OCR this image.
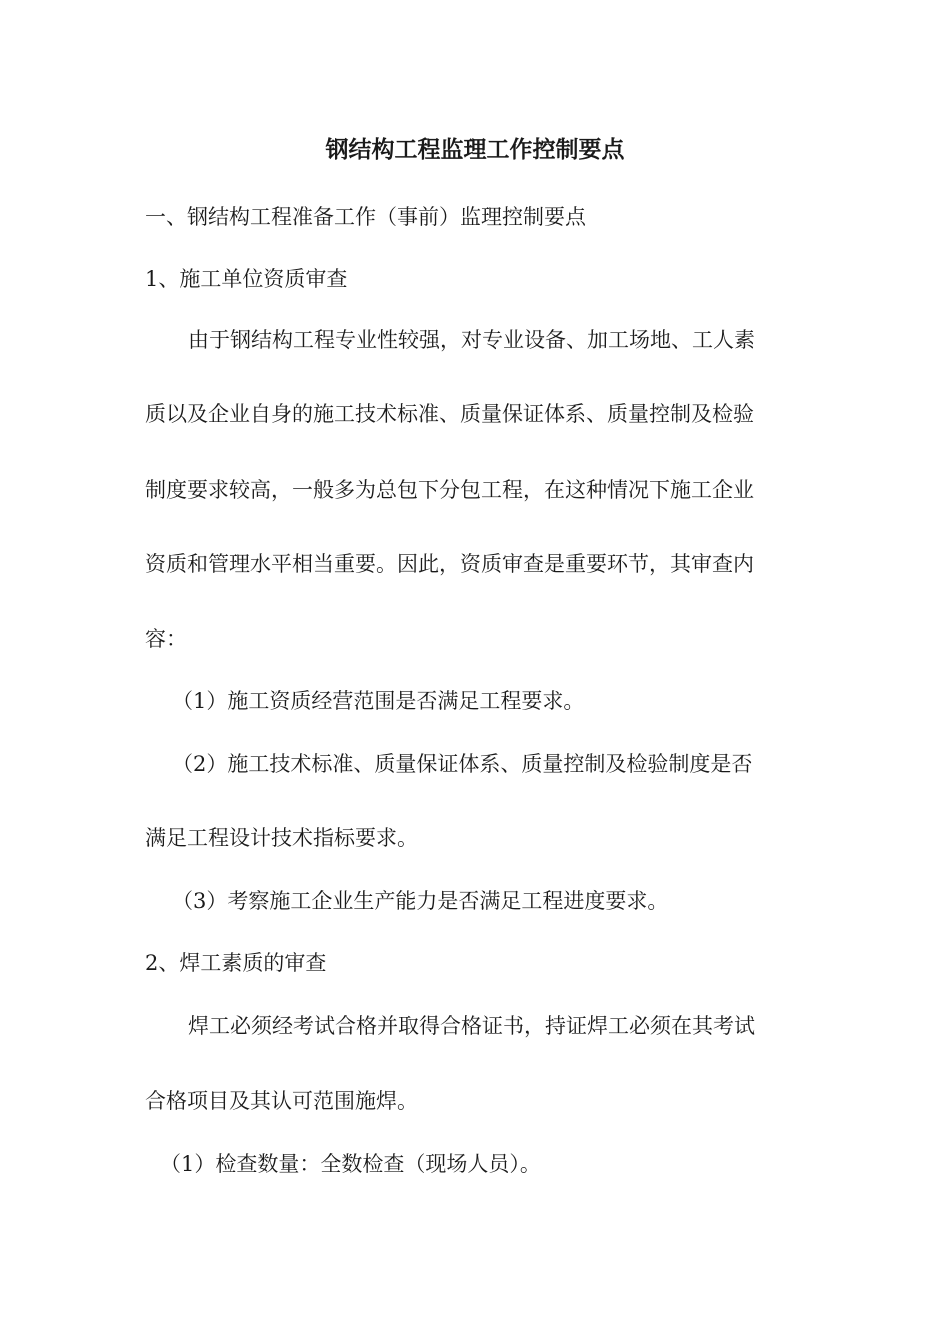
钢结构工程监理工作控制要点
一、钢结构工程准备工作（事前）监理控制要点
1、施工单位资质审查
由于钢结构工程专业性较强，对专业设备、加工场地、工人素
质以及企业自身的施工技术标准、质量保证体系、质量控制及检验
制度要求较高，一般多为总包下分包工程，在这种情况下施工企业
资质和管理水平相当重要。因此，资质审查是重要环节，其审查内
容：
（1）施工资质经营范围是否满足工程要求。
（2）施工技术标准、质量保证体系、质量控制及检验制度是否
满足工程设计技术指标要求。
（3）考察施工企业生产能力是否满足工程进度要求。
2、焊工素质的审查
焊工必须经考试合格并取得合格证书，持证焊工必须在其考试
合格项目及其认可范围施焊。
（1）检查数量：全数检查（现场人员）。
